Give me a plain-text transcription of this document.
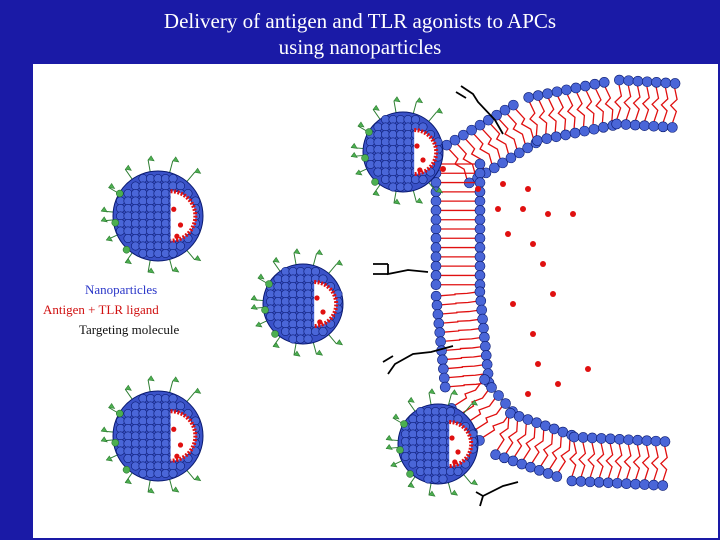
Delivery of antigen and TLR agonists to APCs
using nanoparticles
Nanoparticles
Antigen + TLR ligand
Targeting molecule
